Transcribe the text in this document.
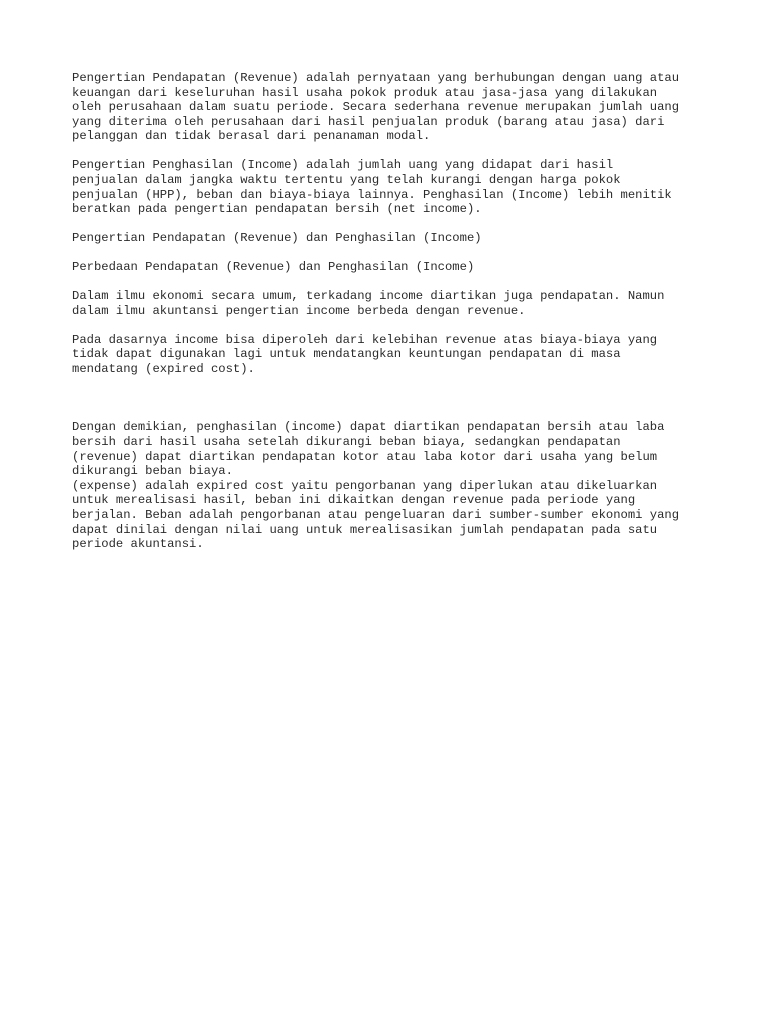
Pengertian Pendapatan (Revenue) adalah pernyataan yang berhubungan dengan uang atau
keuangan dari keseluruhan hasil usaha pokok produk atau jasa-jasa yang dilakukan
oleh perusahaan dalam suatu periode. Secara sederhana revenue merupakan jumlah uang
yang diterima oleh perusahaan dari hasil penjualan produk (barang atau jasa) dari
pelanggan dan tidak berasal dari penanaman modal.
Pengertian Penghasilan (Income) adalah jumlah uang yang didapat dari hasil
penjualan dalam jangka waktu tertentu yang telah kurangi dengan harga pokok
penjualan (HPP), beban dan biaya-biaya lainnya. Penghasilan (Income) lebih menitik
beratkan pada pengertian pendapatan bersih (net income).
Pengertian Pendapatan (Revenue) dan Penghasilan (Income)
Perbedaan Pendapatan (Revenue) dan Penghasilan (Income)
Dalam ilmu ekonomi secara umum, terkadang income diartikan juga pendapatan. Namun
dalam ilmu akuntansi pengertian income berbeda dengan revenue.
Pada dasarnya income bisa diperoleh dari kelebihan revenue atas biaya-biaya yang
tidak dapat digunakan lagi untuk mendatangkan keuntungan pendapatan di masa
mendatang (expired cost).
Dengan demikian, penghasilan (income) dapat diartikan pendapatan bersih atau laba
bersih dari hasil usaha setelah dikurangi beban biaya, sedangkan pendapatan
(revenue) dapat diartikan pendapatan kotor atau laba kotor dari usaha yang belum
dikurangi beban biaya.
(expense) adalah expired cost yaitu pengorbanan yang diperlukan atau dikeluarkan
untuk merealisasi hasil, beban ini dikaitkan dengan revenue pada periode yang
berjalan. Beban adalah pengorbanan atau pengeluaran dari sumber-sumber ekonomi yang
dapat dinilai dengan nilai uang untuk merealisasikan jumlah pendapatan pada satu
periode akuntansi.
